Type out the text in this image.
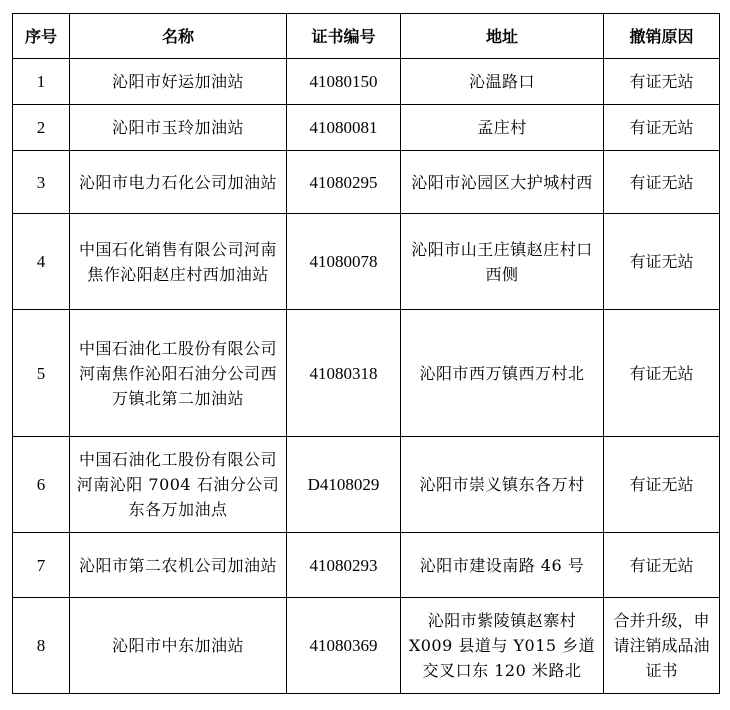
序号	名称	证书编号	地址	撤销原因
1	沁阳市好运加油站	41080150	沁温路口	有证无站
2	沁阳市玉玲加油站	41080081	孟庄村	有证无站
3	沁阳市电力石化公司加油站	41080295	沁阳市沁园区大护城村西	有证无站
4	中国石化销售有限公司河南焦作沁阳赵庄村西加油站	41080078	沁阳市山王庄镇赵庄村口西侧	有证无站
5	中国石油化工股份有限公司河南焦作沁阳石油分公司西万镇北第二加油站	41080318	沁阳市西万镇西万村北	有证无站
6	中国石油化工股份有限公司河南沁阳 7004 石油分公司东各万加油点	D4108029	沁阳市崇义镇东各万村	有证无站
7	沁阳市第二农机公司加油站	41080293	沁阳市建设南路 46 号	有证无站
8	沁阳市中东加油站	41080369	沁阳市紫陵镇赵寨村 X009 县道与 Y015 乡道交叉口东 120 米路北	合并升级，申请注销成品油证书
